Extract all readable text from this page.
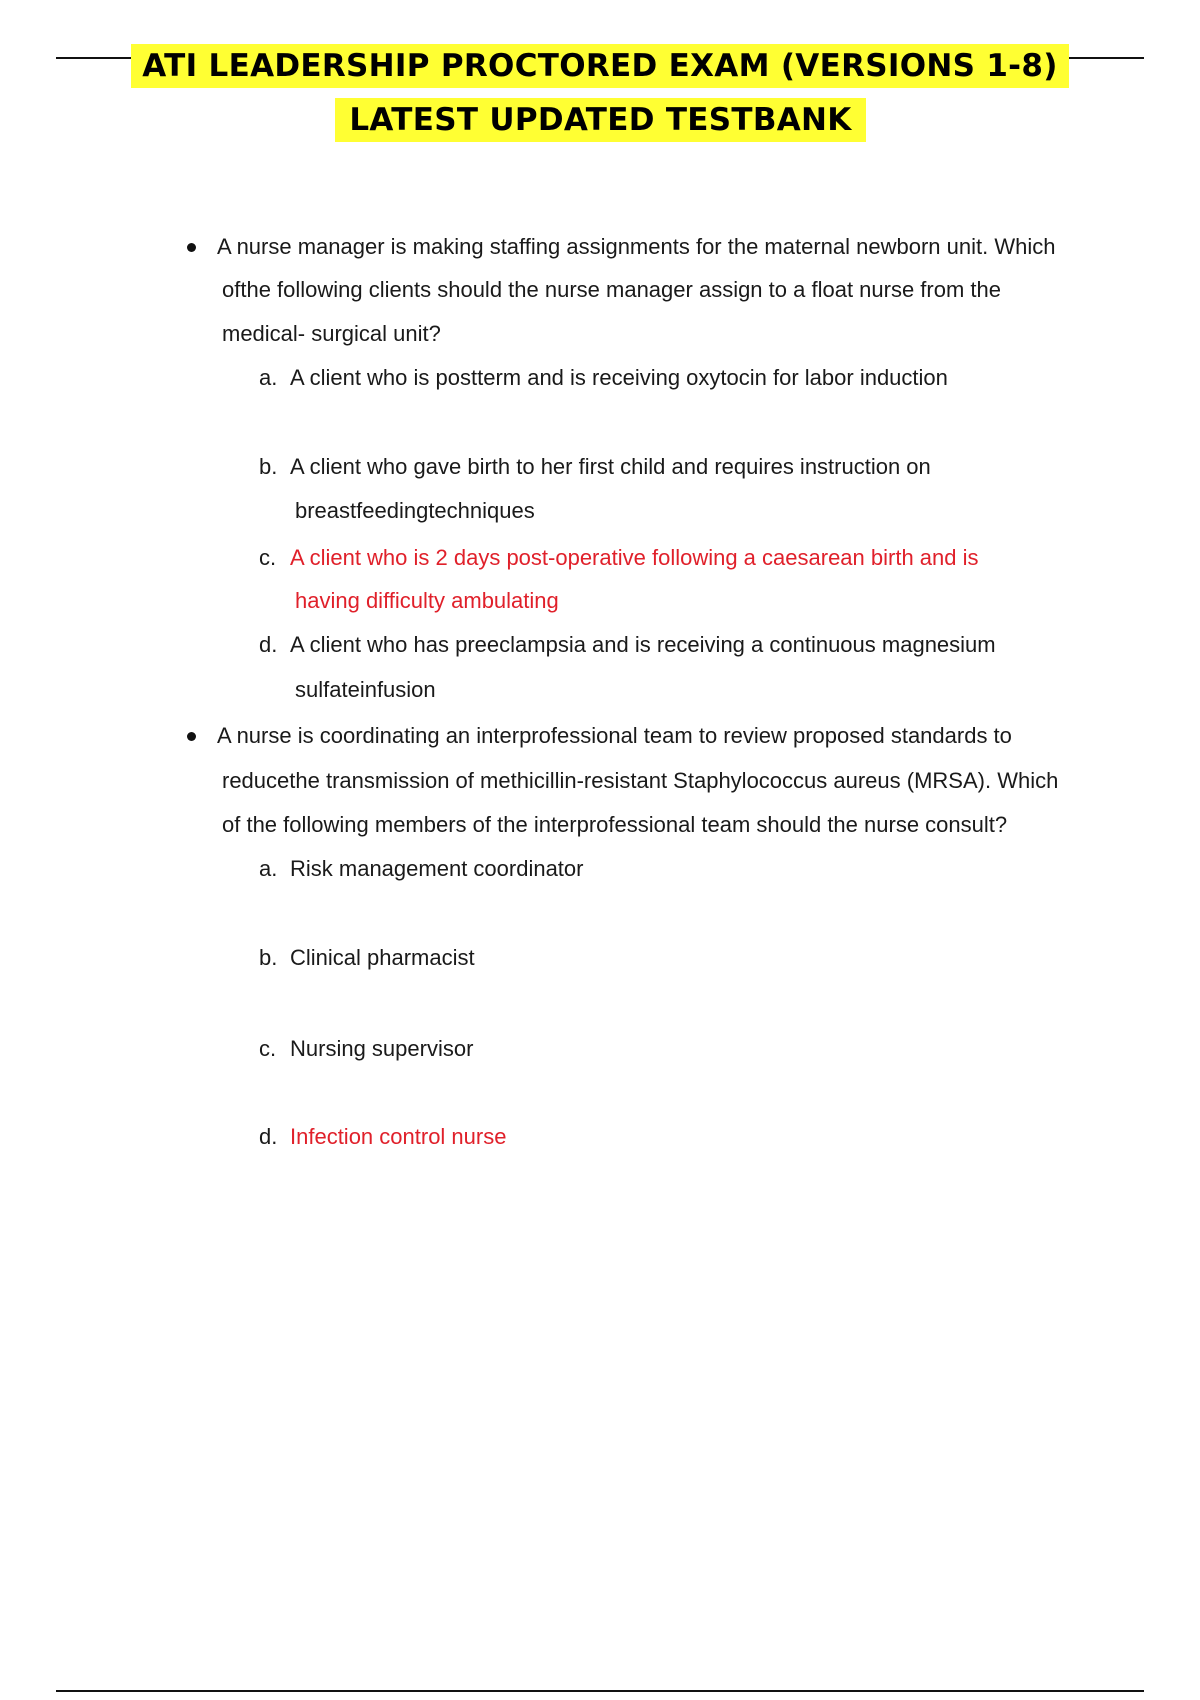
ATI LEADERSHIP PROCTORED EXAM (VERSIONS 1-8)
LATEST UPDATED TESTBANK
A nurse manager is making staffing assignments for the maternal newborn unit. Which
ofthe following clients should the nurse manager assign to a float nurse from the
medical- surgical unit?
a. A client who is postterm and is receiving oxytocin for labor induction
b. A client who gave birth to her first child and requires instruction on
breastfeedingtechniques
c. A client who is 2 days post-operative following a caesarean birth and is
having difficulty ambulating
d. A client who has preeclampsia and is receiving a continuous magnesium
sulfateinfusion
A nurse is coordinating an interprofessional team to review proposed standards to
reducethe transmission of methicillin-resistant Staphylococcus aureus (MRSA). Which
of the following members of the interprofessional team should the nurse consult?
a. Risk management coordinator
b. Clinical pharmacist
c. Nursing supervisor
d. Infection control nurse
